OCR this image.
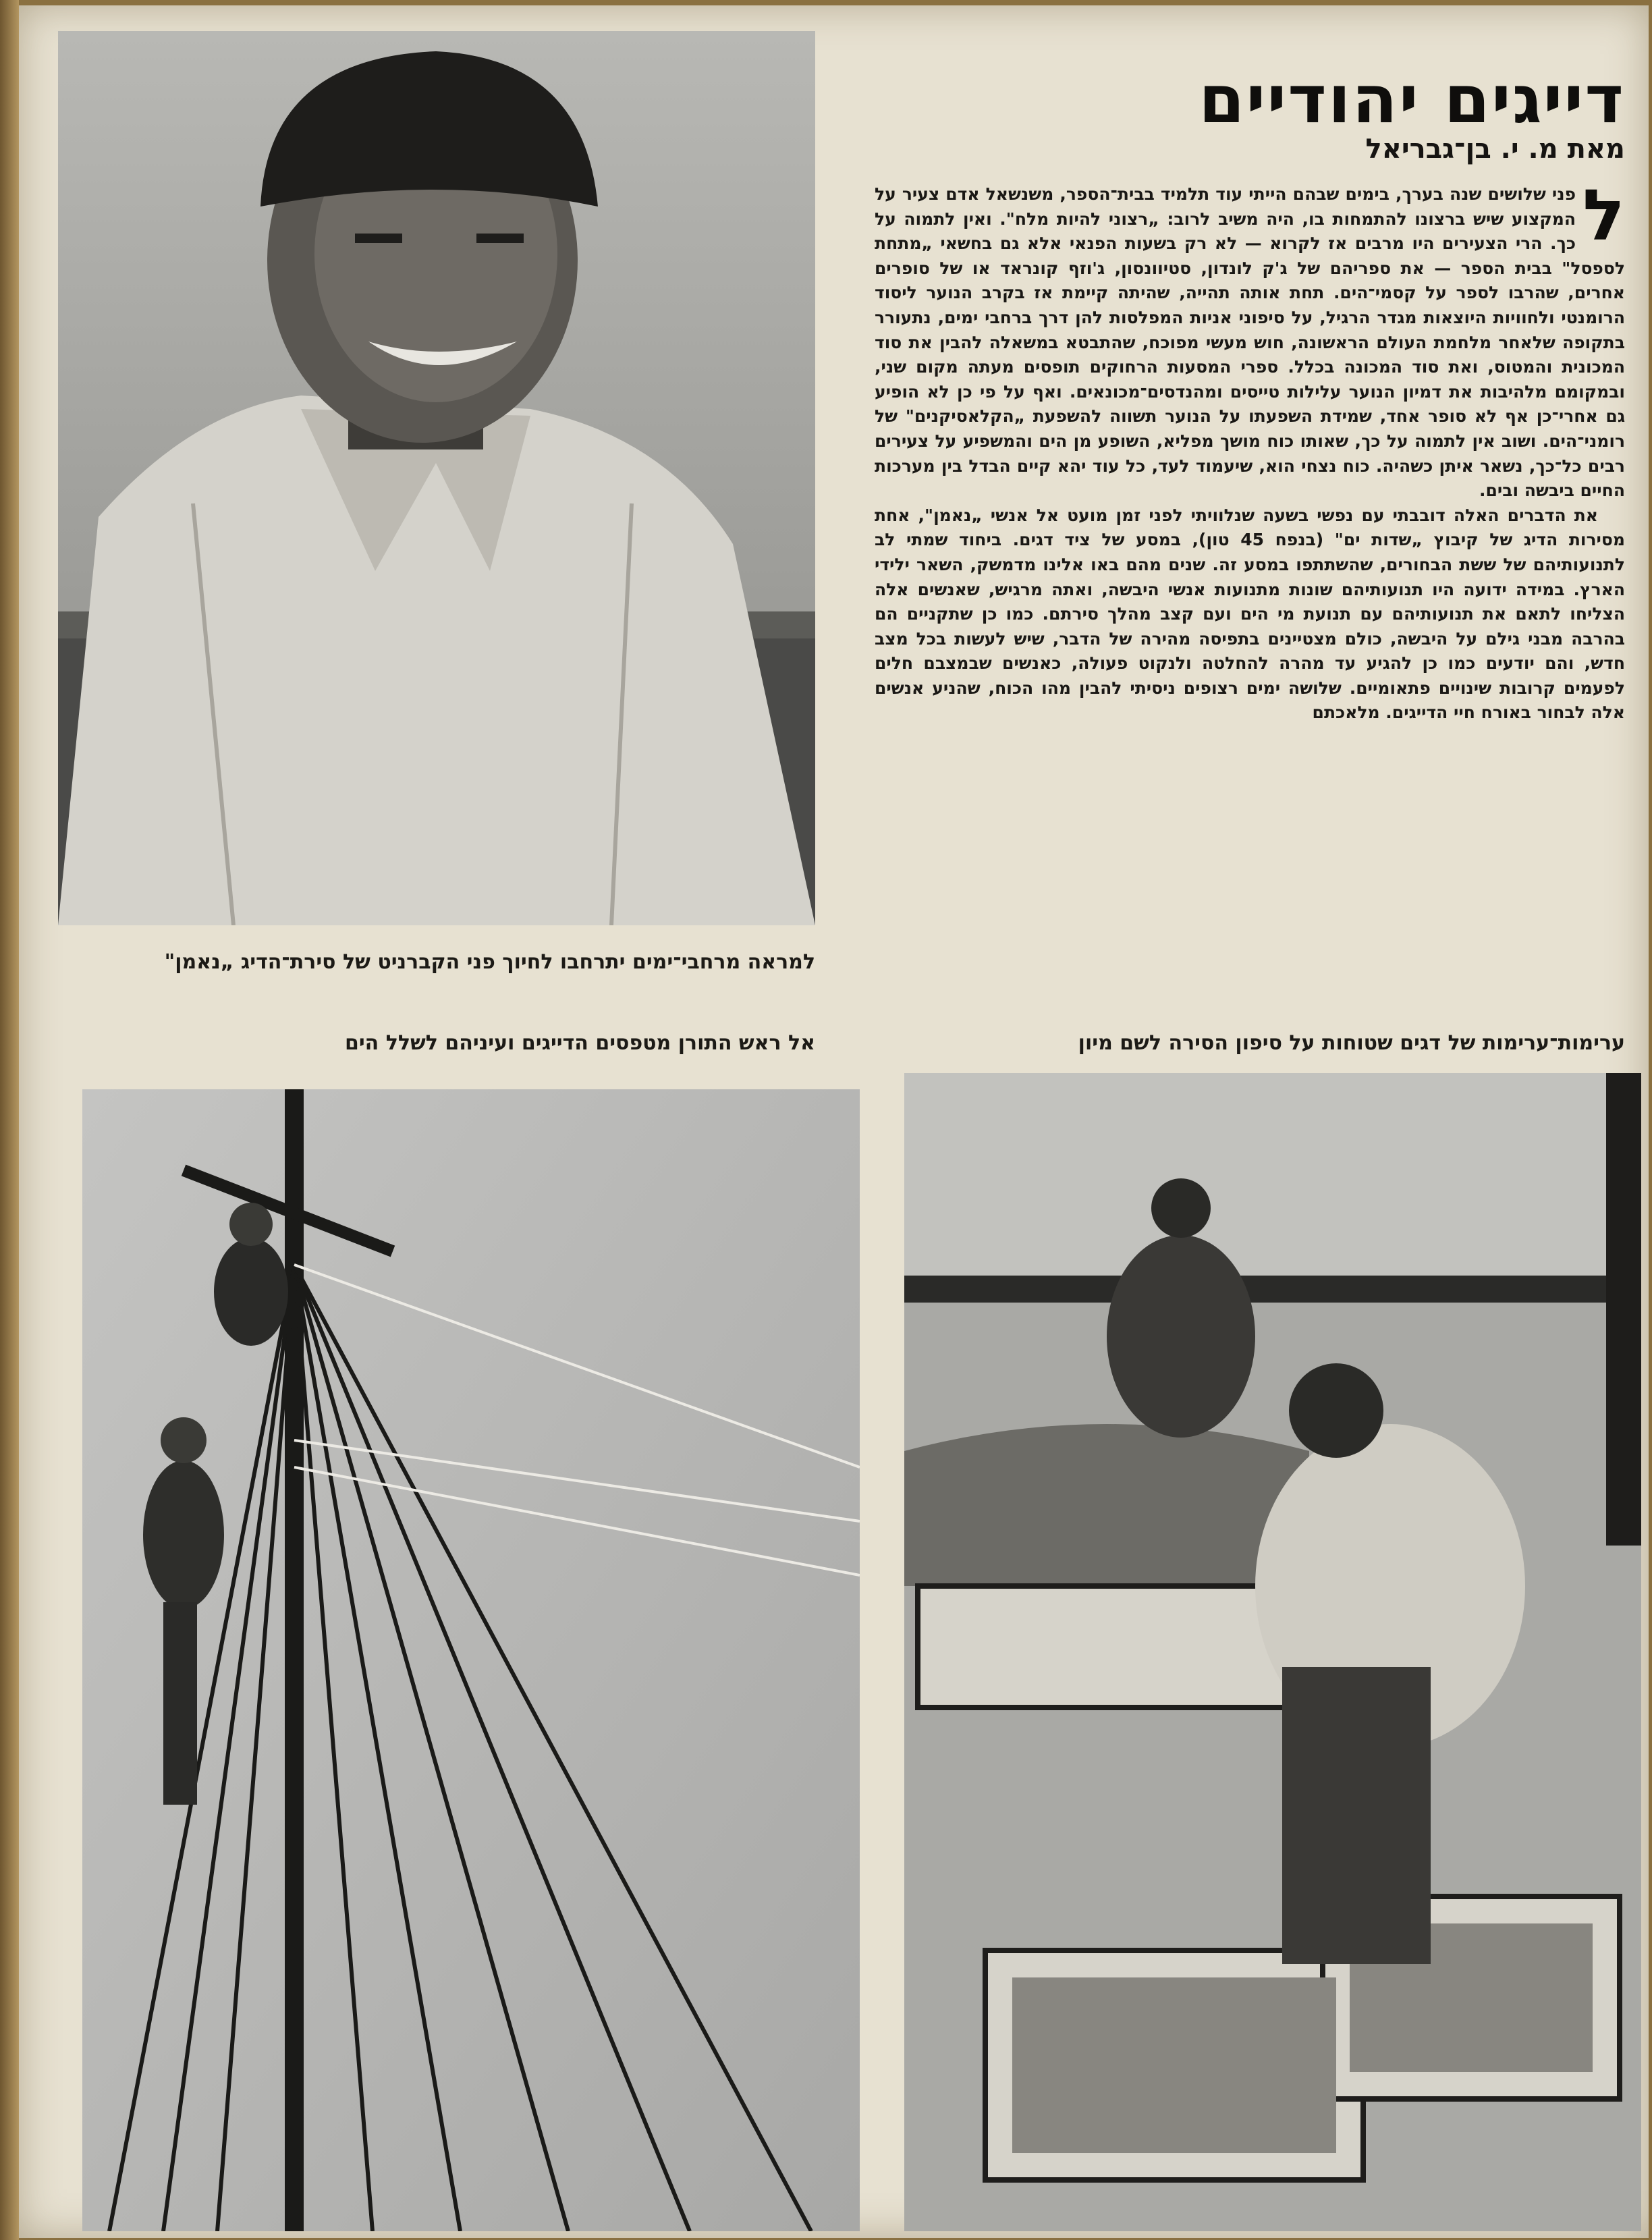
דייגים יהודיים
מאת מ. י. בן־גבריאל

ל
פני שלושים שנה בערך, בימים שבהם הייתי עוד תלמיד בבית־הספר, משנשאל אדם צעיר על המקצוע שיש ברצונו להתמחות בו, היה משיב לרוב: „רצוני להיות מלח". ואין לתמוה על כך. הרי הצעירים היו מרבים אז לקרוא — לא רק בשעות הפנאי אלא גם בחשאי „מתחת לספסל" בבית הספר — את ספריהם של ג'ק לונדון, סטיוונסון, ג'וזף קונראד או של סופרים אחרים, שהרבו לספר על קסמי־הים. תחת אותה תהייה, שהיתה קיימת אז בקרב הנוער ליסוד הרומנטי ולחוויות היוצאות מגדר הרגיל, על סיפוני אניות המפלסות להן דרך ברחבי ימים, נתעורר בתקופה שלאחר מלחמת העולם הראשונה, חוש מעשי מפוכח, שהתבטא במשאלה להבין את סוד המכונית והמטוס, ואת סוד המכונה בכלל. ספרי המסעות הרחוקים תופסים מעתה מקום שני, ובמקומם מלהיבות את דמיון הנוער עלילות טייסים ומהנדסים־מכונאים. ואף על פי כן לא הופיע גם אחרי־כן אף לא סופר אחד, שמידת השפעתו על הנוער תשווה להשפעת „הקלאסיקנים" של רומני־הים. ושוב אין לתמוה על כך, שאותו כוח מושך מפליא, השופע מן הים והמשפיע על צעירים רבים כל־כך, נשאר איתן כשהיה. כוח נצחי הוא, שיעמוד לעד, כל עוד יהא קיים הבדל בין מערכות החיים ביבשה ובים.

את הדברים האלה דובבתי עם נפשי בשעה שנלוויתי לפני זמן מועט אל אנשי „נאמן", אחת מסירות הדיג של קיבוץ „שדות ים" (בנפח 45 טון), במסע של ציד דגים. ביחוד שמתי לב לתנועותיהם של ששת הבחורים, שהשתתפו במסע זה. שנים מהם באו אלינו מדמשק, השאר ילידי הארץ. במידה ידועה היו תנועותיהם שונות מתנועות אנשי היבשה, ואתה מרגיש, שאנשים אלה הצליחו לתאם את תנועותיהם עם תנועת מי הים ועם קצב מהלך סירתם. כמו כן שתקניים הם בהרבה מבני גילם על היבשה, כולם מצטיינים בתפיסה מהירה של הדבר, שיש לעשות בכל מצב חדש, והם יודעים כמו כן להגיע עד מהרה להחלטה ולנקוט פעולה, כאנשים שבמצבם חלים לפעמים קרובות שינויים פתאומיים. שלושה ימים רצופים ניסיתי להבין מהו הכוח, שהניע אנשים אלה לבחור באורח חיי הדייגים. מלאכתם

למראה מרחבי־ימים יתרחבו לחיוך פני הקברניט של סירת־הדיג „נאמן"
ערימות־ערימות של דגים שטוחות על סיפון הסירה לשם מיון
אל ראש התורן מטפסים הדייגים ועיניהם לשלל הים
